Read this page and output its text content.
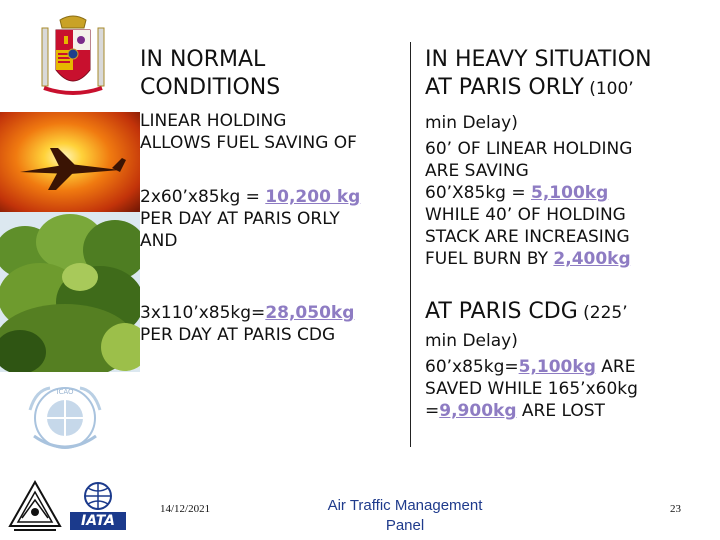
ICAO
IATA
IN NORMAL
CONDITIONS
LINEAR HOLDING
ALLOWS FUEL SAVING OF
2x60’x85kg = 10,200 kg
PER DAY AT PARIS ORLY
AND
3x110’x85kg=28,050kg
PER DAY AT PARIS CDG
IN HEAVY SITUATION
AT PARIS ORLY (100’
min Delay)
60’ OF LINEAR HOLDING
ARE SAVING
60’X85kg = 5,100kg
WHILE 40’ OF HOLDING
STACK ARE INCREASING
FUEL BURN BY 2,400kg
AT PARIS CDG (225’
min Delay)
60’x85kg=5,100kg ARE
SAVED WHILE 165’x60kg
=9,900kg ARE LOST
14/12/2021	Air Traffic Management
Panel
23
